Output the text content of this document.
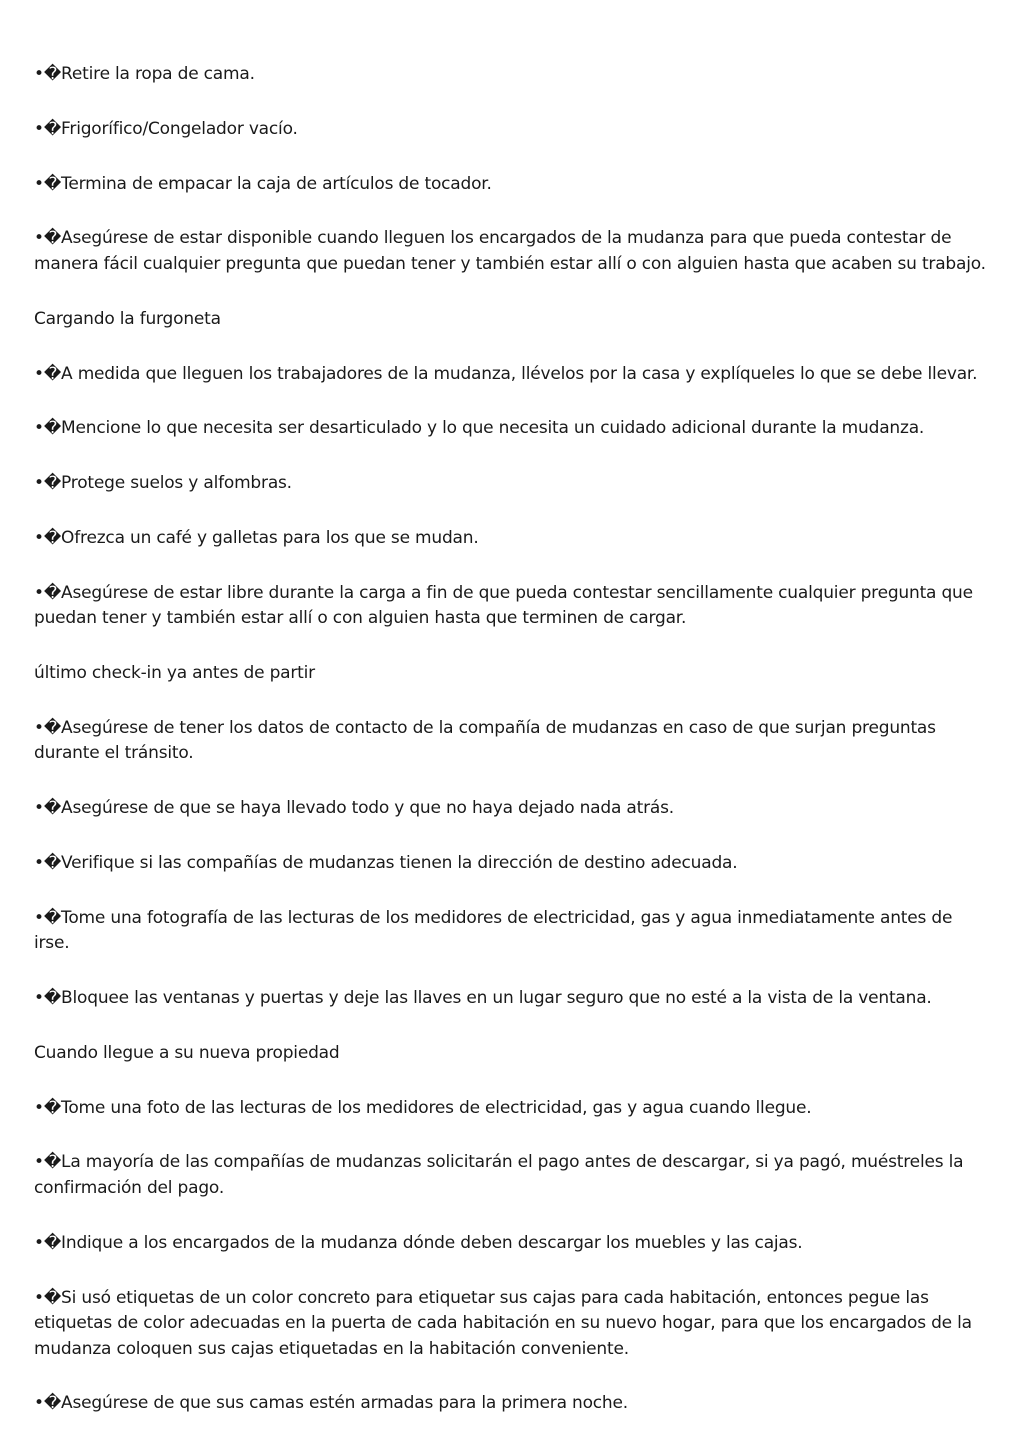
•�Retire la ropa de cama.

•�Frigorífico/Congelador vacío.

•�Termina de empacar la caja de artículos de tocador.

•�Asegúrese de estar disponible cuando lleguen los encargados de la mudanza para que pueda contestar de manera fácil cualquier pregunta que puedan tener y también estar allí o con alguien hasta que acaben su trabajo.

Cargando la furgoneta

•�A medida que lleguen los trabajadores de la mudanza, llévelos por la casa y explíqueles lo que se debe llevar.

•�Mencione lo que necesita ser desarticulado y lo que necesita un cuidado adicional durante la mudanza.

•�Protege suelos y alfombras.

•�Ofrezca un café y galletas para los que se mudan.

•�Asegúrese de estar libre durante la carga a fin de que pueda contestar sencillamente cualquier pregunta que puedan tener y también estar allí o con alguien hasta que terminen de cargar.

último check-in ya antes de partir

•�Asegúrese de tener los datos de contacto de la compañía de mudanzas en caso de que surjan preguntas durante el tránsito.

•�Asegúrese de que se haya llevado todo y que no haya dejado nada atrás.

•�Verifique si las compañías de mudanzas tienen la dirección de destino adecuada.

•�Tome una fotografía de las lecturas de los medidores de electricidad, gas y agua inmediatamente antes de irse.

•�Bloquee las ventanas y puertas y deje las llaves en un lugar seguro que no esté a la vista de la ventana.

Cuando llegue a su nueva propiedad

•�Tome una foto de las lecturas de los medidores de electricidad, gas y agua cuando llegue.

•�La mayoría de las compañías de mudanzas solicitarán el pago antes de descargar, si ya pagó, muéstreles la confirmación del pago.

•�Indique a los encargados de la mudanza dónde deben descargar los muebles y las cajas.

•�Si usó etiquetas de un color concreto para etiquetar sus cajas para cada habitación, entonces pegue las etiquetas de color adecuadas en la puerta de cada habitación en su nuevo hogar, para que los encargados de la mudanza coloquen sus cajas etiquetadas en la habitación conveniente.

•�Asegúrese de que sus camas estén armadas para la primera noche.
